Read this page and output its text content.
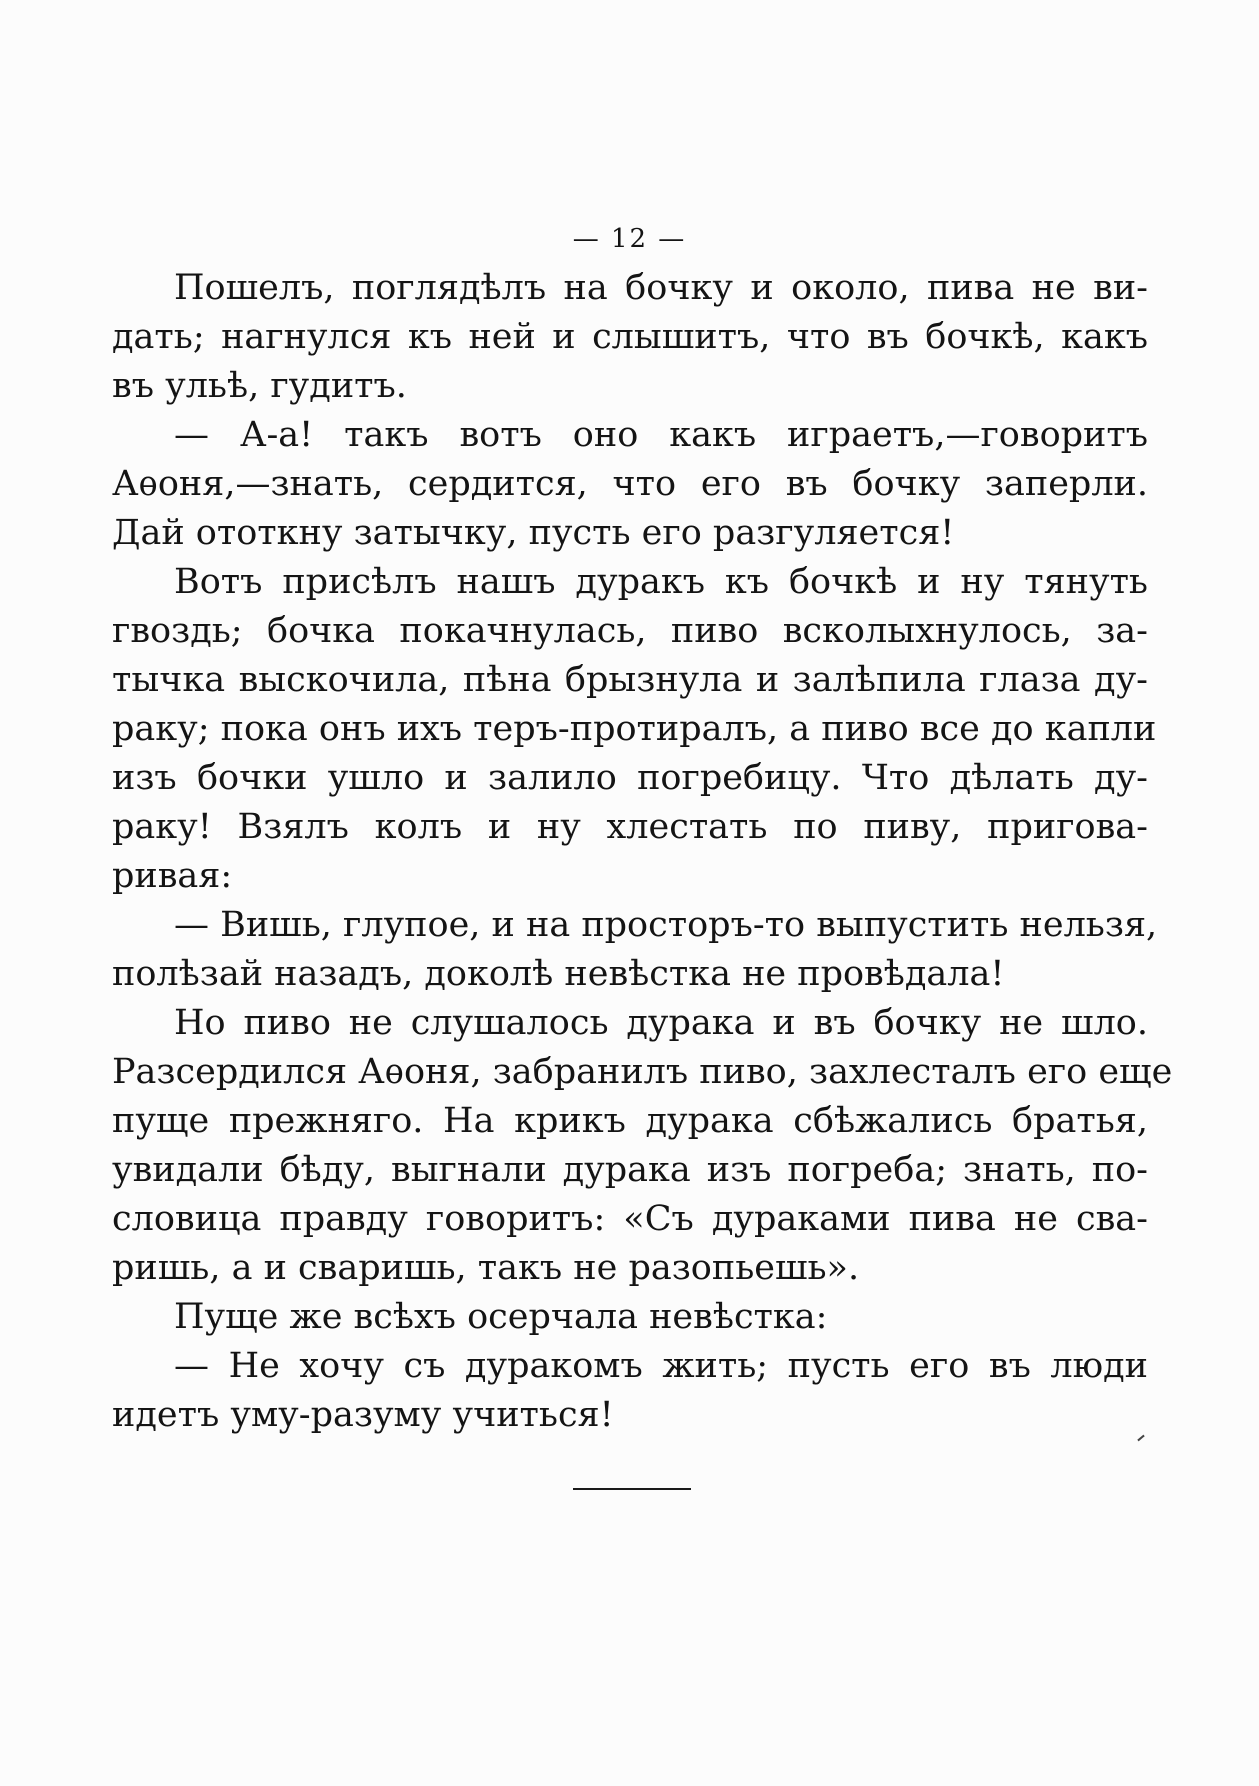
— 12 —
Пошелъ, поглядѣлъ на бочку и около, пива не ви-
дать; нагнулся къ ней и слышитъ, что въ бочкѣ, какъ
въ ульѣ, гудитъ.
— А-а! такъ вотъ оно какъ играетъ,—говоритъ
Аѳоня,—знать, сердится, что его въ бочку заперли.
Дай ототкну затычку, пусть его разгуляется!
Вотъ присѣлъ нашъ дуракъ къ бочкѣ и ну тянуть
гвоздь; бочка покачнулась, пиво всколыхнулось, за-
тычка выскочила, пѣна брызнула и залѣпила глаза ду-
раку; пока онъ ихъ теръ-протиралъ, а пиво все до капли
изъ бочки ушло и залило погребицу. Что дѣлать ду-
раку! Взялъ колъ и ну хлестать по пиву, пригова-
ривая:
— Вишь, глупое, и на просторъ-то выпустить нельзя,
полѣзай назадъ, доколѣ невѣстка не провѣдала!
Но пиво не слушалось дурака и въ бочку не шло.
Разсердился Аѳоня, забранилъ пиво, захлесталъ его еще
пуще прежняго. На крикъ дурака сбѣжались братья,
увидали бѣду, выгнали дурака изъ погреба; знать, по-
словица правду говоритъ: «Съ дураками пива не сва-
ришь, а и сваришь, такъ не разопьешь».
Пуще же всѣхъ осерчала невѣстка:
— Не хочу съ дуракомъ жить; пусть его въ люди
идетъ уму-разуму учиться!
